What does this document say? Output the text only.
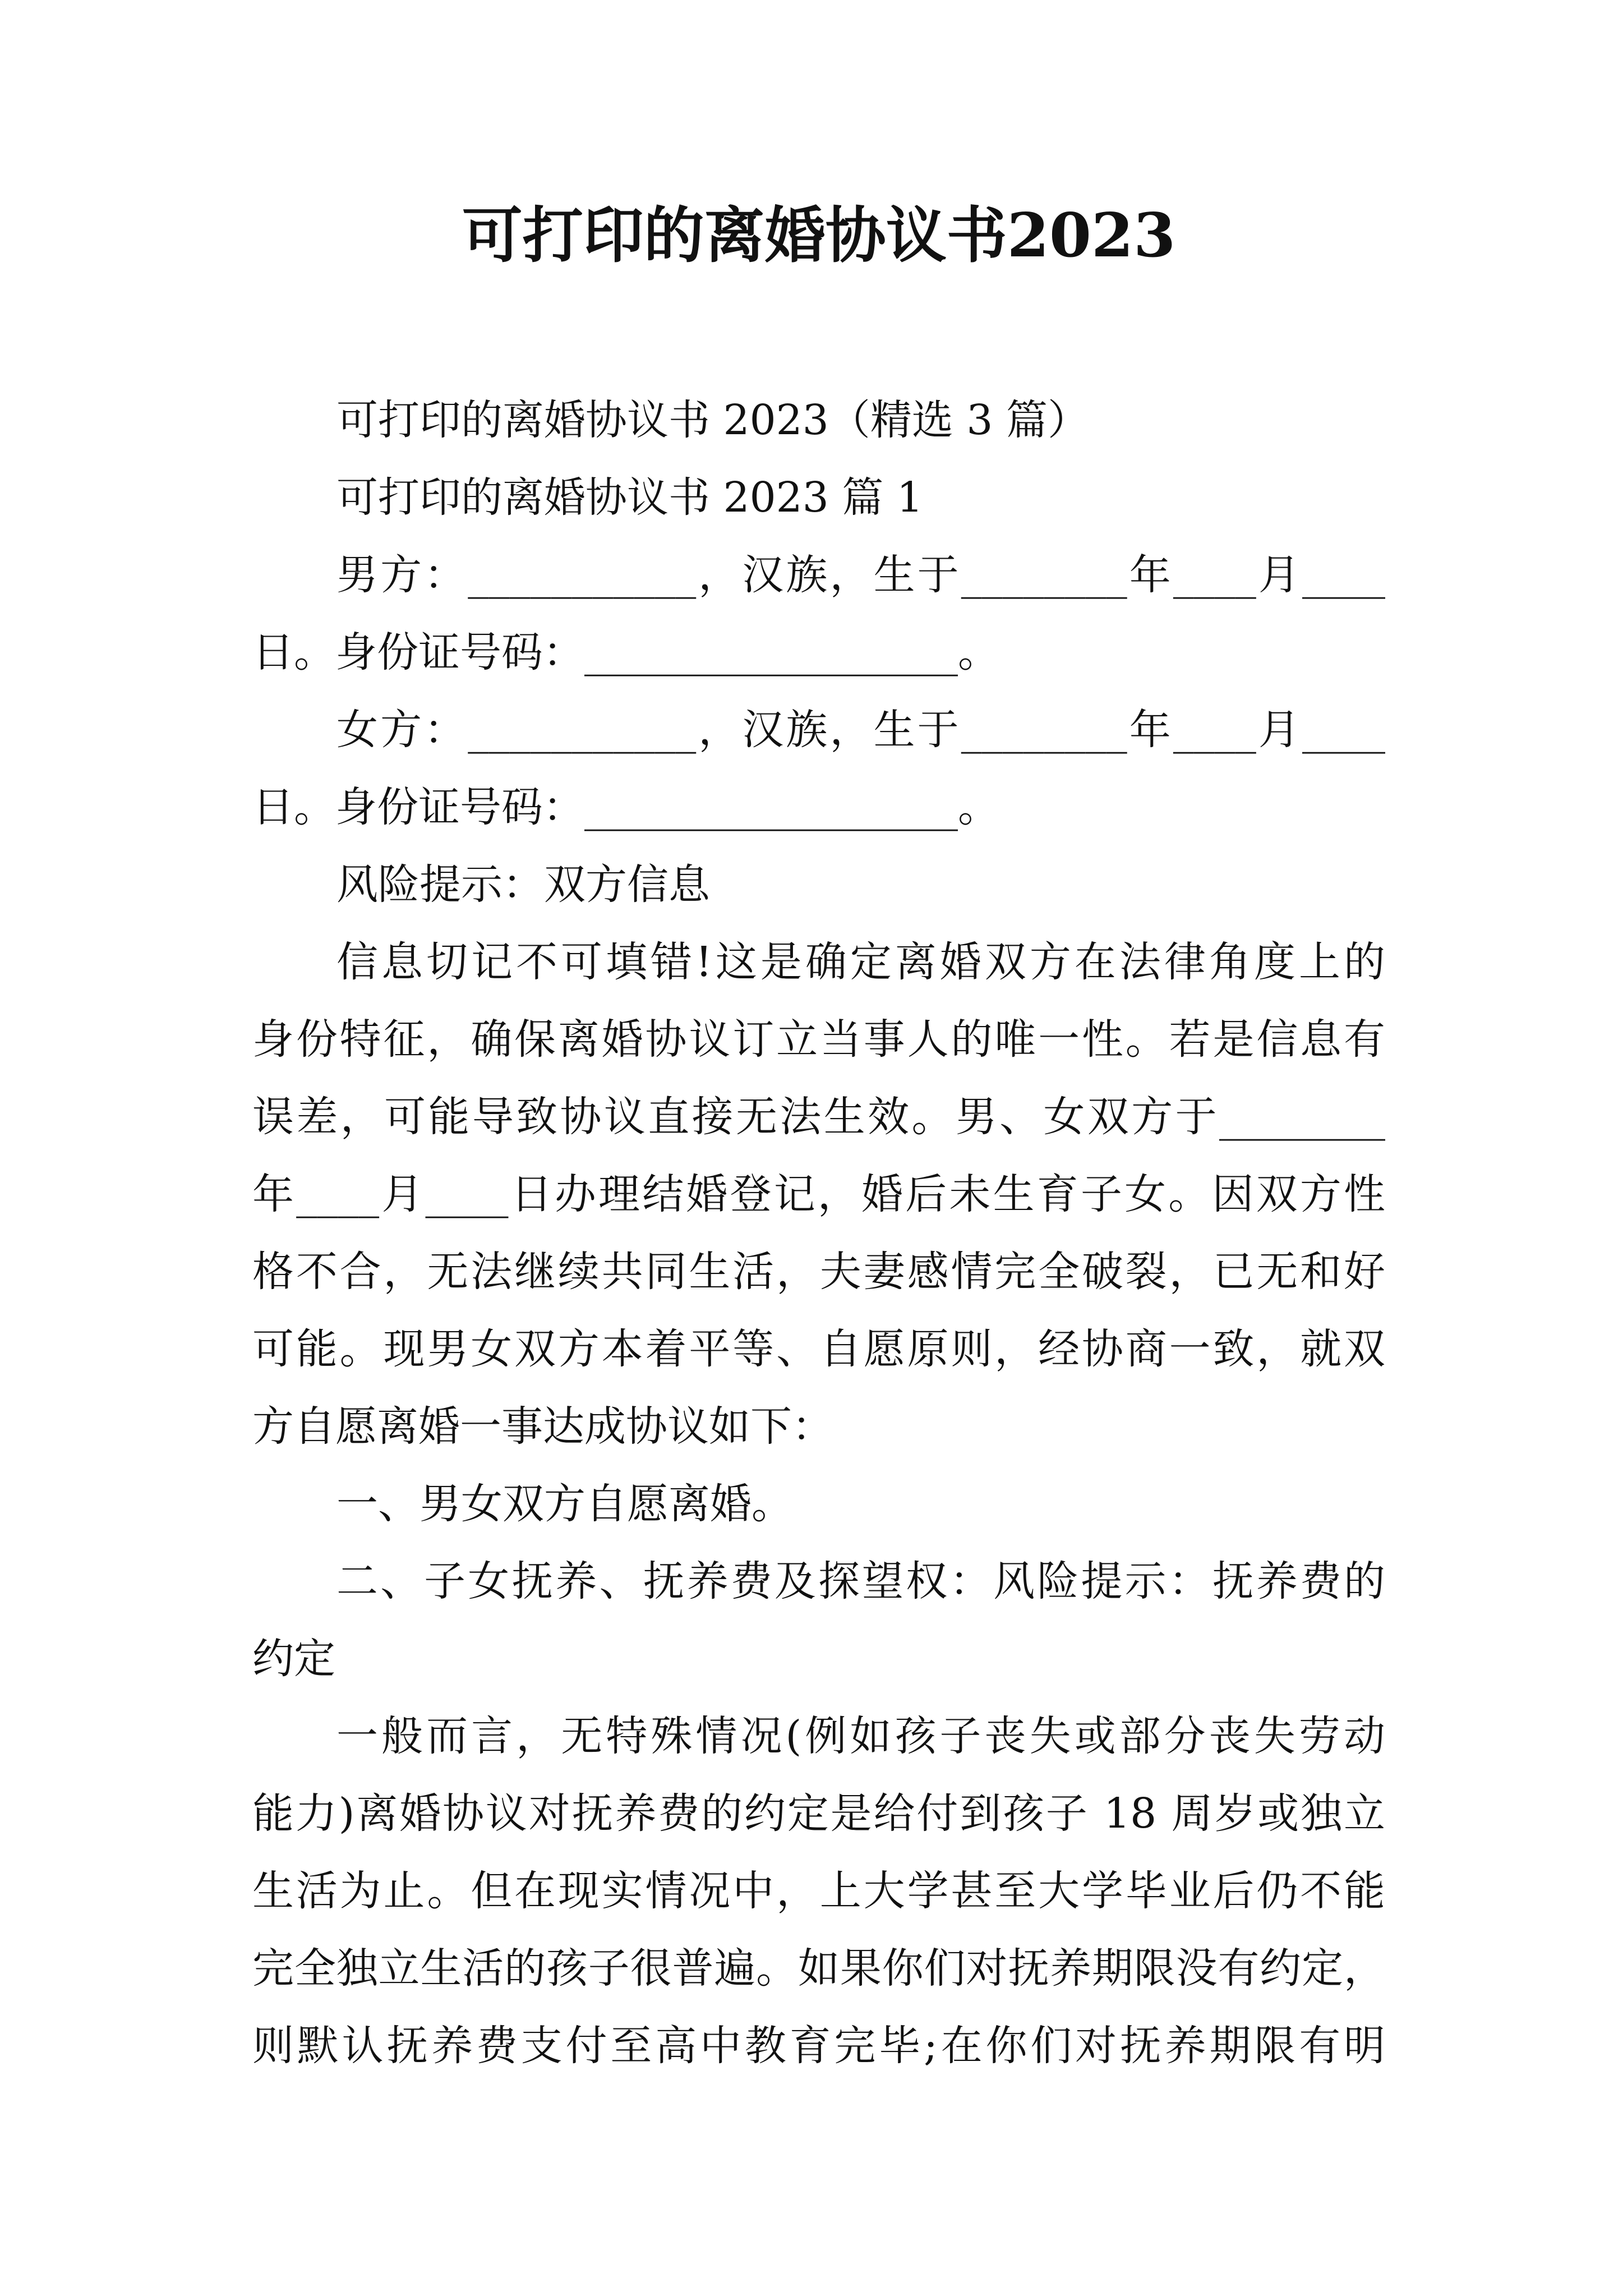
可打印的离婚协议书2023
可打印的离婚协议书 2023（精选 3 篇）
可打印的离婚协议书 2023 篇 1
男方：___________，汉族，生于________年____月____
日。身份证号码：__________________。
女方：___________，汉族，生于________年____月____
日。身份证号码：__________________。
风险提示：双方信息
信息切记不可填错!这是确定离婚双方在法律角度上的
身份特征，确保离婚协议订立当事人的唯一性。若是信息有
误差，可能导致协议直接无法生效。男、女双方于________
年____月____日办理结婚登记，婚后未生育子女。因双方性
格不合，无法继续共同生活，夫妻感情完全破裂，已无和好
可能。现男女双方本着平等、自愿原则，经协商一致，就双
方自愿离婚一事达成协议如下：
一、男女双方自愿离婚。
二、子女抚养、抚养费及探望权：风险提示：抚养费的
约定
一般而言，无特殊情况(例如孩子丧失或部分丧失劳动
能力)离婚协议对抚养费的约定是给付到孩子 18 周岁或独立
生活为止。但在现实情况中，上大学甚至大学毕业后仍不能
完全独立生活的孩子很普遍。如果你们对抚养期限没有约定，
则默认抚养费支付至高中教育完毕;在你们对抚养期限有明
